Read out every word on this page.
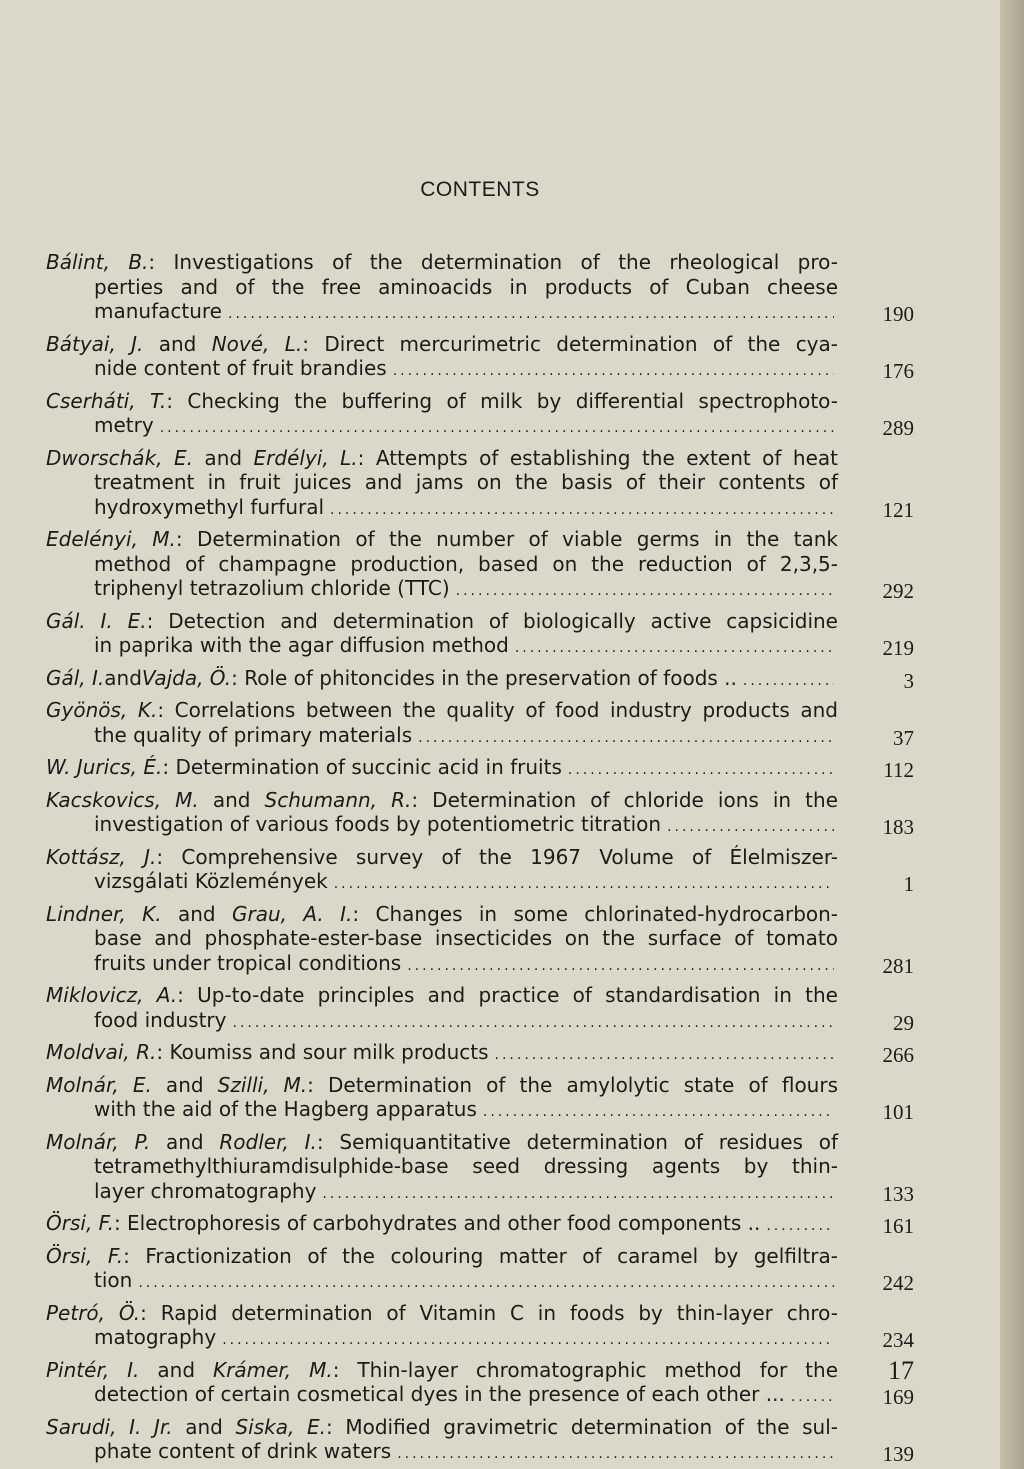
CONTENTS
Bálint, B.: Investigations of the determination of the rheological pro-
perties and of the free aminoacids in products of Cuban cheese
manufacture .....	190
Bátyai, J. and Nové, L.: Direct mercurimetric determination of the cya-
nide content of fruit brandies .....	176
Cserháti, T.: Checking the buffering of milk by differential spectrophoto-
metry .....	289
Dworschák, E. and Erdélyi, L.: Attempts of establishing the extent of heat
treatment in fruit juices and jams on the basis of their contents of
hydroxymethyl furfural .....	121
Edelényi, M.: Determination of the number of viable germs in the tank
method of champagne production, based on the reduction of 2,3,5-
triphenyl tetrazolium chloride (TTC) .....	292
Gál. I. E.: Detection and determination of biologically active capsicidine
in paprika with the agar diffusion method .....	219
Gál, I. and Vajda, Ö. : Role of phitoncides in the preservation of foods .. .....	3
Gyönös, K.: Correlations between the quality of food industry products and
the quality of primary materials .....	37
W. Jurics, É. : Determination of succinic acid in fruits .....	112
Kacskovics, M. and Schumann, R.: Determination of chloride ions in the
investigation of various foods by potentiometric titration .....	183
Kottász, J.: Comprehensive survey of the 1967 Volume of Élelmiszer-
vizsgálati Közlemények .....	1
Lindner, K. and Grau, A. I.: Changes in some chlorinated-hydrocarbon-
base and phosphate-ester-base insecticides on the surface of tomato
fruits under tropical conditions .....	281
Miklovicz, A.: Up-to-date principles and practice of standardisation in the
food industry .....	29
Moldvai, R. : Koumiss and sour milk products .....	266
Molnár, E. and Szilli, M.: Determination of the amylolytic state of flours
with the aid of the Hagberg apparatus .....	101
Molnár, P. and Rodler, I.: Semiquantitative determination of residues of
tetramethylthiuramdisulphide-base seed dressing agents by thin-
layer chromatography .....	133
Örsi, F. : Electrophoresis of carbohydrates and other food components .. .....	161
Örsi, F.: Fractionization of the colouring matter of caramel by gelfiltra-
tion .....	242
Petró, Ö.: Rapid determination of Vitamin C in foods by thin-layer chro-
matography .....	234
Pintér, I. and Krámer, M.: Thin-layer chromatographic method for the
detection of certain cosmetical dyes in the presence of each other ... .....	169
Sarudi, I. Jr. and Siska, E.: Modified gravimetric determination of the sul-
phate content of drink waters .....	139
17
